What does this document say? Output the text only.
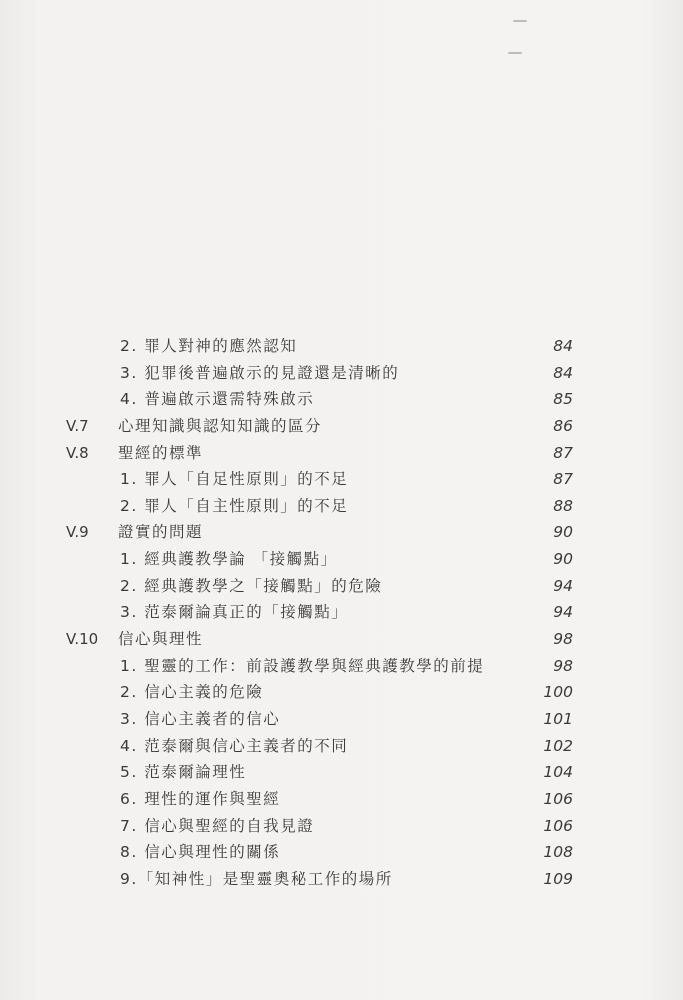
2. 罪人對神的應然認知	84
3. 犯罪後普遍啟示的見證還是清晰的	84
4. 普遍啟示還需特殊啟示	85
V.7 心理知識與認知知識的區分	86
V.8 聖經的標準	87
1. 罪人「自足性原則」的不足	87
2. 罪人「自主性原則」的不足	88
V.9 證實的問題	90
1. 經典護教學論 「接觸點」	90
2. 經典護教學之「接觸點」的危險	94
3. 范泰爾論真正的「接觸點」	94
V.10 信心與理性	98
1. 聖靈的工作：前設護教學與經典護教學的前提	98
2. 信心主義的危險	100
3. 信心主義者的信心	101
4. 范泰爾與信心主義者的不同	102
5. 范泰爾論理性	104
6. 理性的運作與聖經	106
7. 信心與聖經的自我見證	106
8. 信心與理性的關係	108
9.「知神性」是聖靈奧秘工作的場所	109
